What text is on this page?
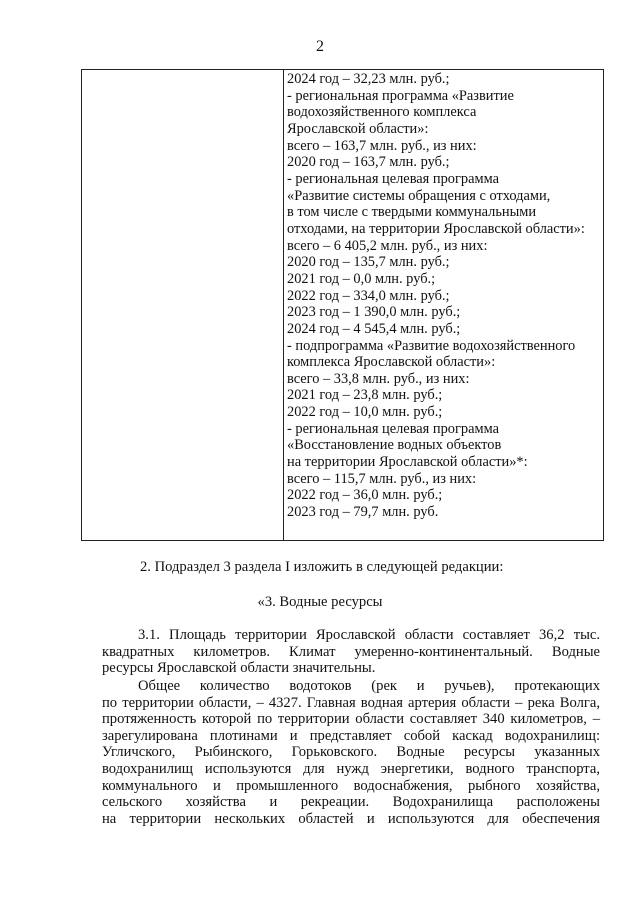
2
2024 год – 32,23 млн. руб.;
- региональная программа «Развитие
водохозяйственного комплекса
Ярославской области»:
всего – 163,7 млн. руб., из них:
2020 год – 163,7 млн. руб.;
- региональная целевая программа
«Развитие системы обращения с отходами,
в том числе с твердыми коммунальными
отходами, на территории Ярославской области»:
всего – 6 405,2 млн. руб., из них:
2020 год – 135,7 млн. руб.;
2021 год – 0,0 млн. руб.;
2022 год – 334,0 млн. руб.;
2023 год – 1 390,0 млн. руб.;
2024 год – 4 545,4 млн. руб.;
- подпрограмма «Развитие водохозяйственного
комплекса Ярославской области»:
всего – 33,8 млн. руб., из них:
2021 год – 23,8 млн. руб.;
2022 год – 10,0 млн. руб.;
- региональная целевая программа
«Восстановление водных объектов
на территории Ярославской области»*:
всего – 115,7 млн. руб., из них:
2022 год – 36,0 млн. руб.;
2023 год – 79,7 млн. руб.
2. Подраздел 3 раздела I изложить в следующей редакции:
«3. Водные ресурсы
3.1. Площадь территории Ярославской области составляет 36,2 тыс.
квадратных километров. Климат умеренно-континентальный. Водные
ресурсы Ярославской области значительны.
Общее количество водотоков (рек и ручьев), протекающих
по территории области, – 4327. Главная водная артерия области – река Волга,
протяженность которой по территории области составляет 340 километров, –
зарегулирована плотинами и представляет собой каскад водохранилищ:
Угличского, Рыбинского, Горьковского. Водные ресурсы указанных
водохранилищ используются для нужд энергетики, водного транспорта,
коммунального и промышленного водоснабжения, рыбного хозяйства,
сельского хозяйства и рекреации. Водохранилища расположены
на территории нескольких областей и используются для обеспечения
